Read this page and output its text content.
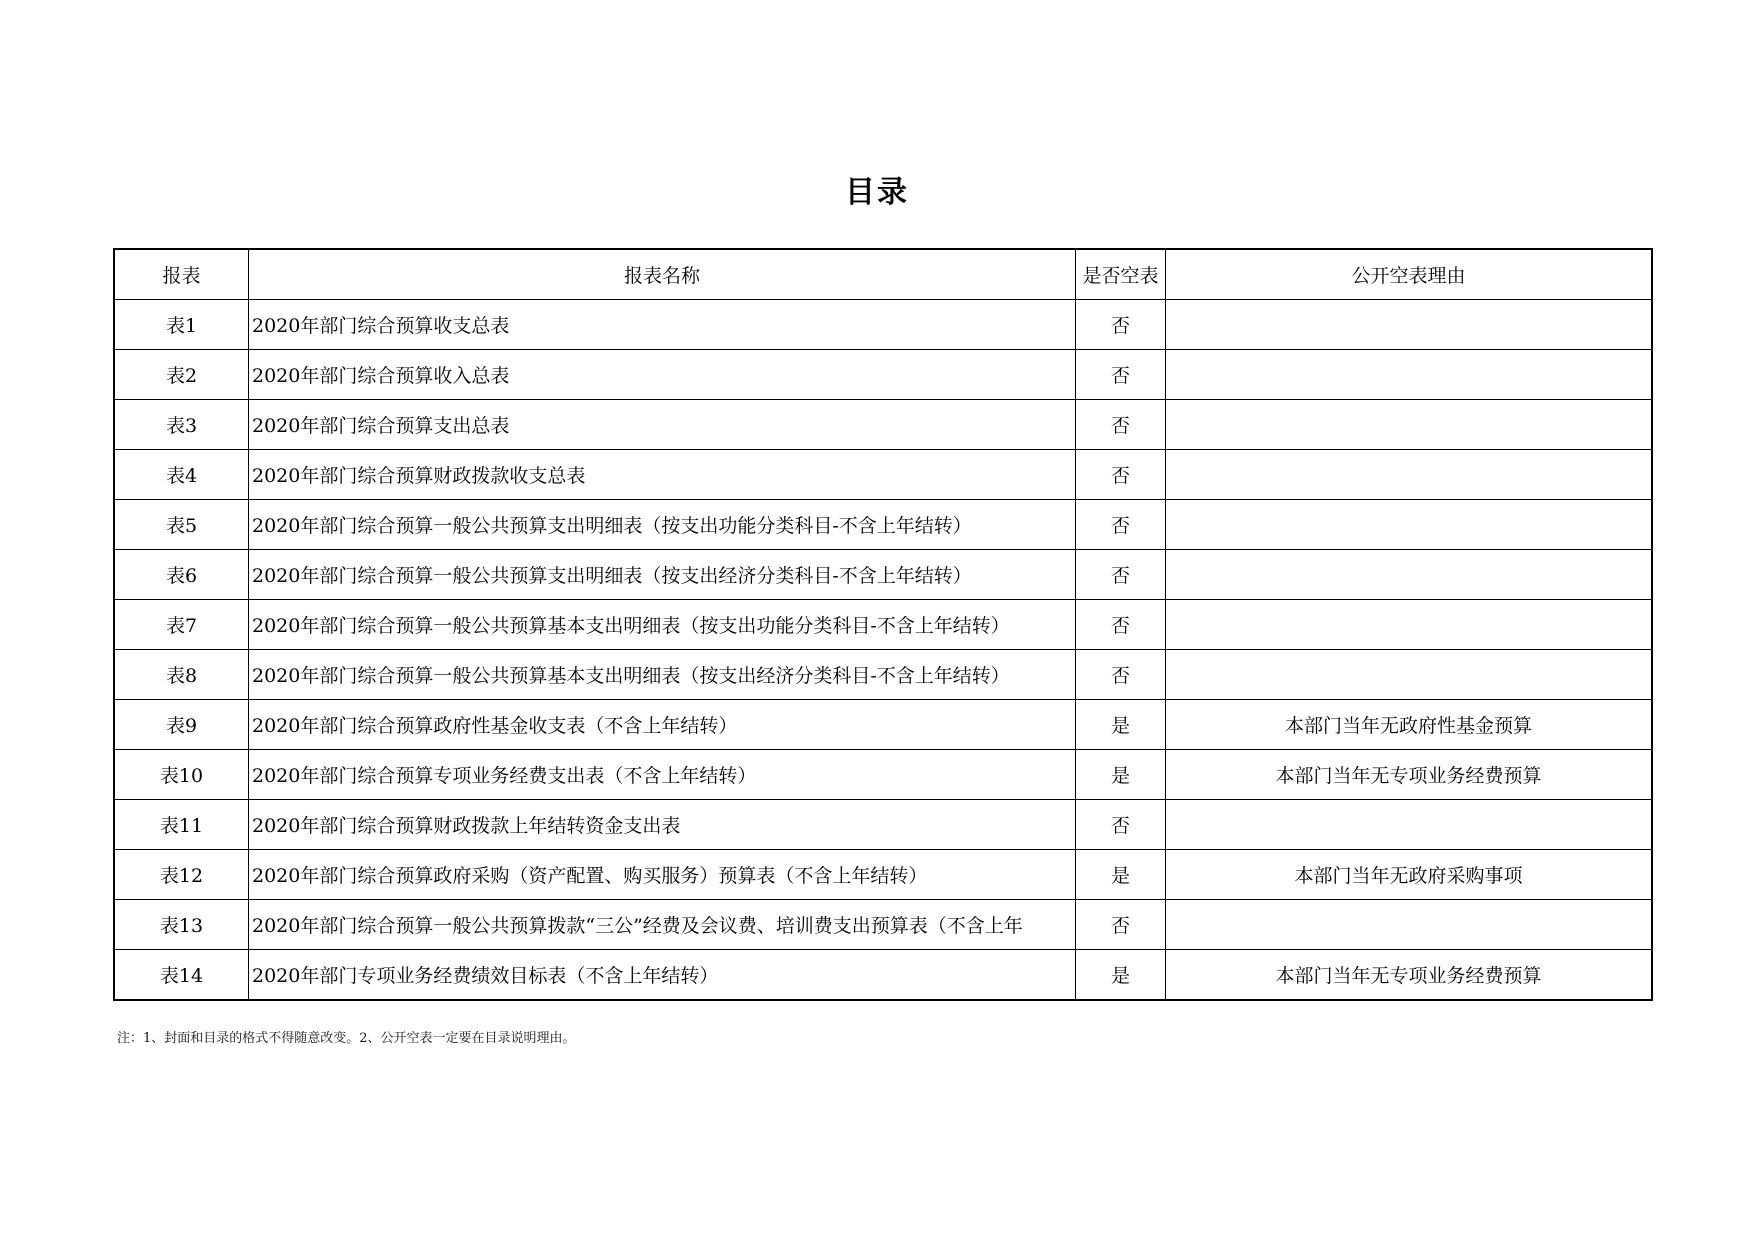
目录
报表	报表名称	是否空表	公开空表理由
表1	2020年部门综合预算收支总表	否	
表2	2020年部门综合预算收入总表	否	
表3	2020年部门综合预算支出总表	否	
表4	2020年部门综合预算财政拨款收支总表	否	
表5	2020年部门综合预算一般公共预算支出明细表（按支出功能分类科目-不含上年结转）	否	
表6	2020年部门综合预算一般公共预算支出明细表（按支出经济分类科目-不含上年结转）	否	
表7	2020年部门综合预算一般公共预算基本支出明细表（按支出功能分类科目-不含上年结转）	否	
表8	2020年部门综合预算一般公共预算基本支出明细表（按支出经济分类科目-不含上年结转）	否	
表9	2020年部门综合预算政府性基金收支表（不含上年结转）	是	本部门当年无政府性基金预算
表10	2020年部门综合预算专项业务经费支出表（不含上年结转）	是	本部门当年无专项业务经费预算
表11	2020年部门综合预算财政拨款上年结转资金支出表	否	
表12	2020年部门综合预算政府采购（资产配置、购买服务）预算表（不含上年结转）	是	本部门当年无政府采购事项
表13	2020年部门综合预算一般公共预算拨款“三公”经费及会议费、培训费支出预算表（不含上年	否	
表14	2020年部门专项业务经费绩效目标表（不含上年结转）	是	本部门当年无专项业务经费预算
注：1、封面和目录的格式不得随意改变。2、公开空表一定要在目录说明理由。
